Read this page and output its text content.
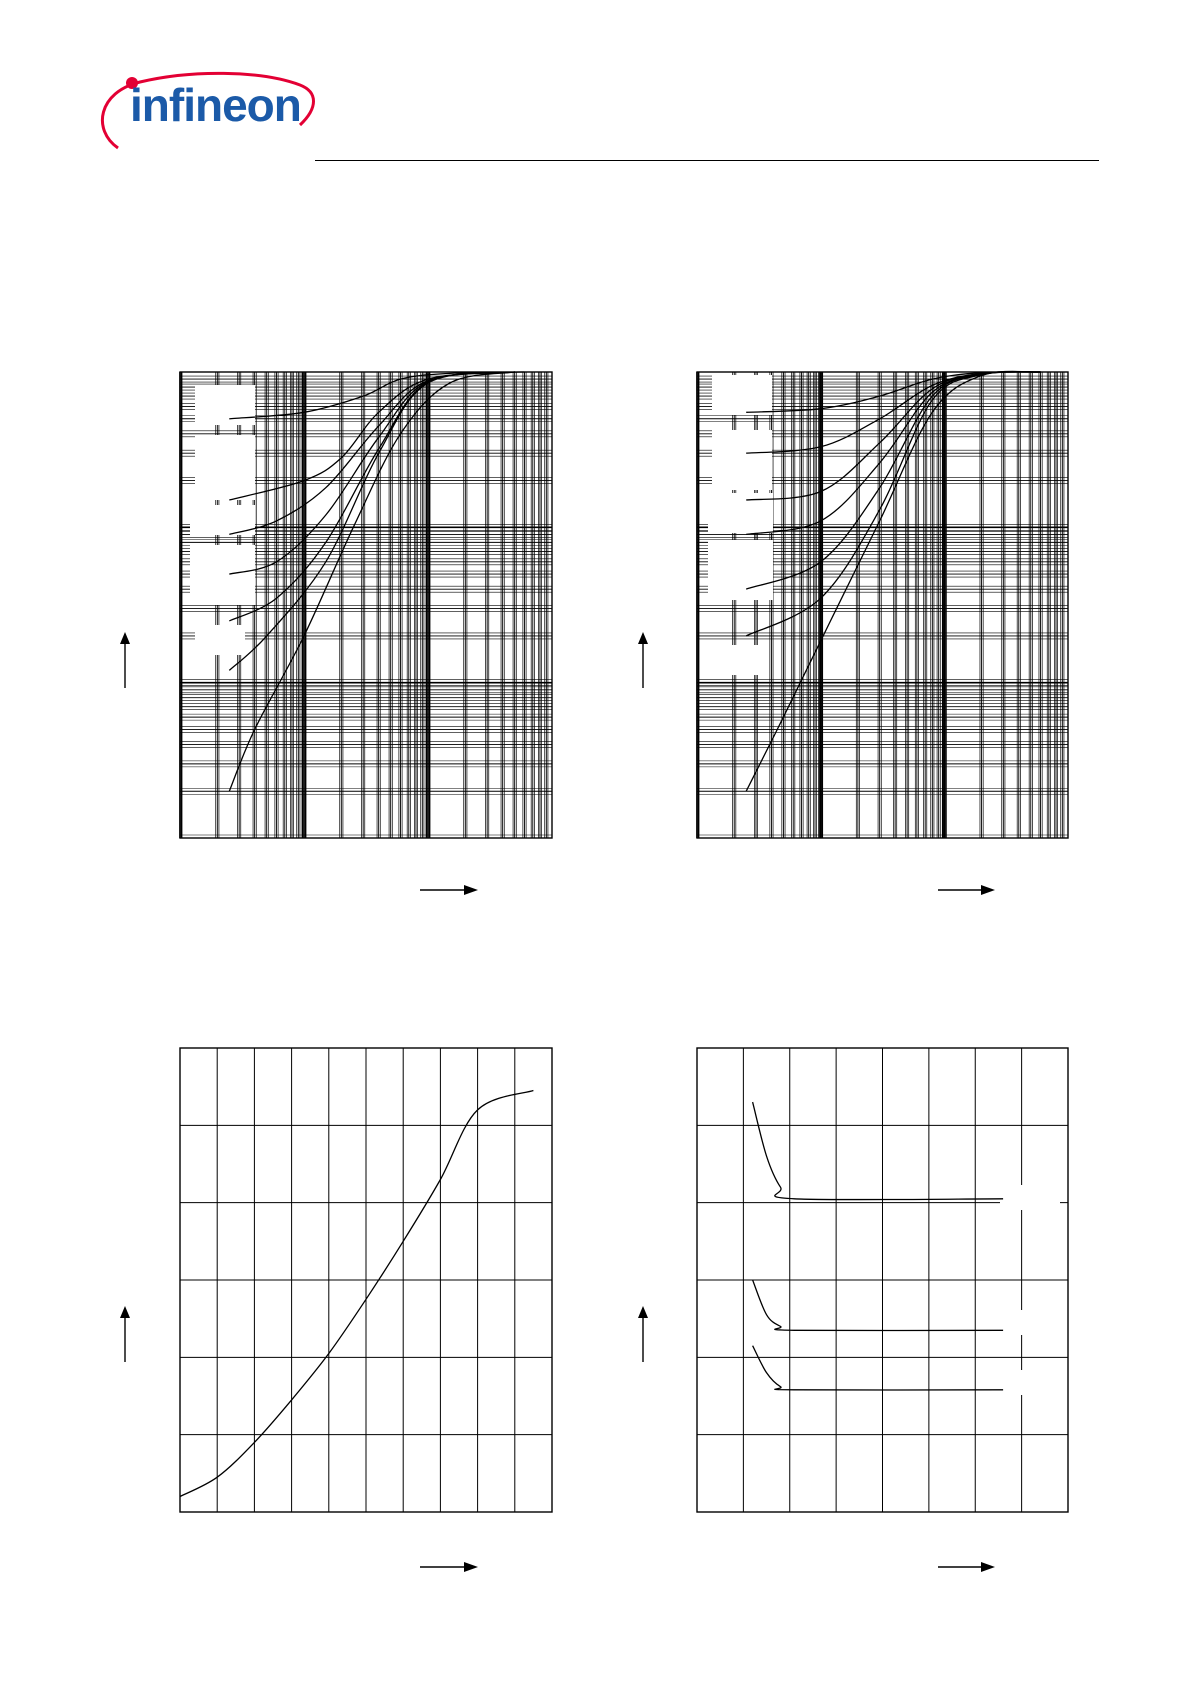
infineon
